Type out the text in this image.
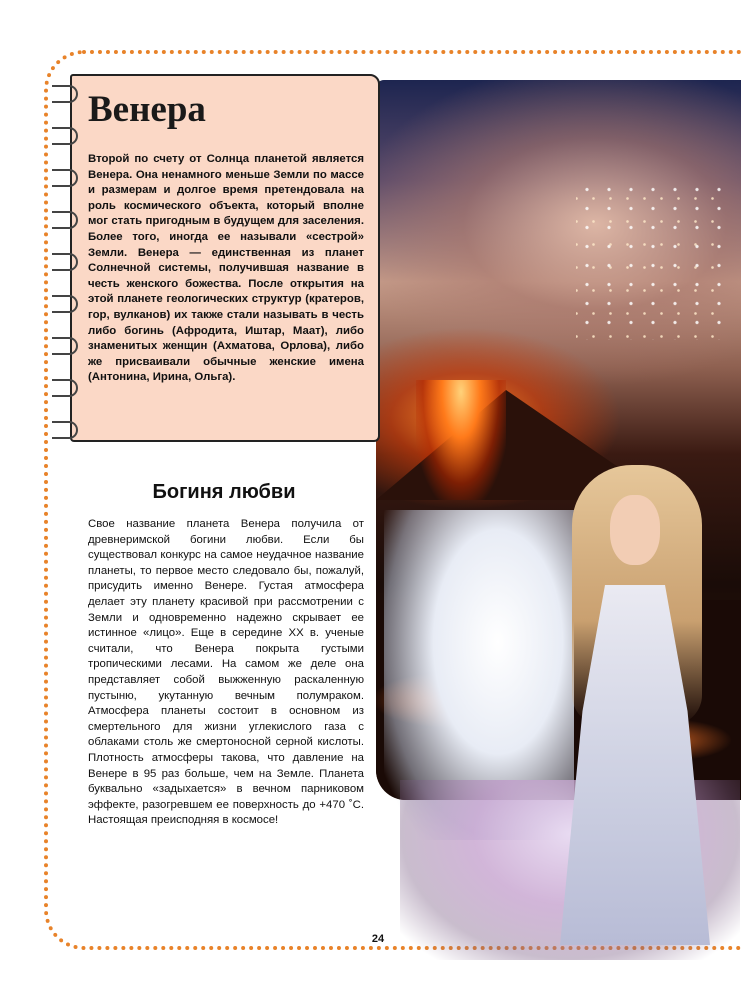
Венера

Второй по счету от Солнца планетой является Венера. Она ненамного меньше Земли по массе и размерам и долгое время претендовала на роль космического объекта, который вполне мог стать пригодным в будущем для заселения. Более того, иногда ее называли «сестрой» Земли. Венера — единственная из планет Солнечной системы, получившая название в честь женского божества. После открытия на этой планете геологических структур (кратеров, гор, вулканов) их также стали называть в честь либо богинь (Афродита, Иштар, Маат), либо знаменитых женщин (Ахматова, Орлова), либо же присваивали обычные женские имена (Антонина, Ирина, Ольга).

Богиня любви

Свое название планета Венера получила от древнеримской богини любви. Если бы существовал конкурс на самое неудачное название планеты, то первое место следовало бы, пожалуй, присудить именно Венере. Густая атмосфера делает эту планету красивой при рассмотрении с Земли и одновременно надежно скрывает ее истинное «лицо». Еще в середине XX в. ученые считали, что Венера покрыта густыми тропическими лесами. На самом же деле она представляет собой выжженную раскаленную пустыню, укутанную вечным полумраком. Атмосфера планеты состоит в основном из смертельного для жизни углекислого газа с облаками столь же смертоносной серной кислоты. Плотность атмосферы такова, что давление на Венере в 95 раз больше, чем на Земле. Планета буквально «задыхается» в вечном парниковом эффекте, разогревшем ее поверхность до +470 ˚С. Настоящая преисподняя в космосе!

24
